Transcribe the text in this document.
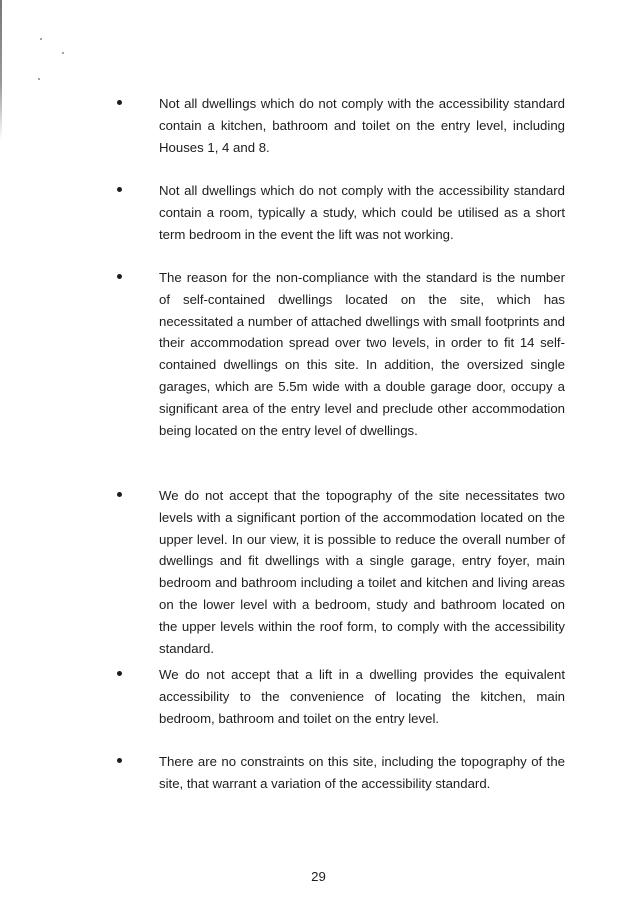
Not all dwellings which do not comply with the accessibility standard contain a kitchen, bathroom and toilet on the entry level, including Houses 1, 4 and 8.

Not all dwellings which do not comply with the accessibility standard contain a room, typically a study, which could be utilised as a short term bedroom in the event the lift was not working.

The reason for the non-compliance with the standard is the number of self-contained dwellings located on the site, which has necessitated a number of attached dwellings with small footprints and their accommodation spread over two levels, in order to fit 14 self-contained dwellings on this site. In addition, the oversized single garages, which are 5.5m wide with a double garage door, occupy a significant area of the entry level and preclude other accommodation being located on the entry level of dwellings.

We do not accept that the topography of the site necessitates two levels with a significant portion of the accommodation located on the upper level. In our view, it is possible to reduce the overall number of dwellings and fit dwellings with a single garage, entry foyer, main bedroom and bathroom including a toilet and kitchen and living areas on the lower level with a bedroom, study and bathroom located on the upper levels within the roof form, to comply with the accessibility standard.

We do not accept that a lift in a dwelling provides the equivalent accessibility to the convenience of locating the kitchen, main bedroom, bathroom and toilet on the entry level.

There are no constraints on this site, including the topography of the site, that warrant a variation of the accessibility standard.

29
